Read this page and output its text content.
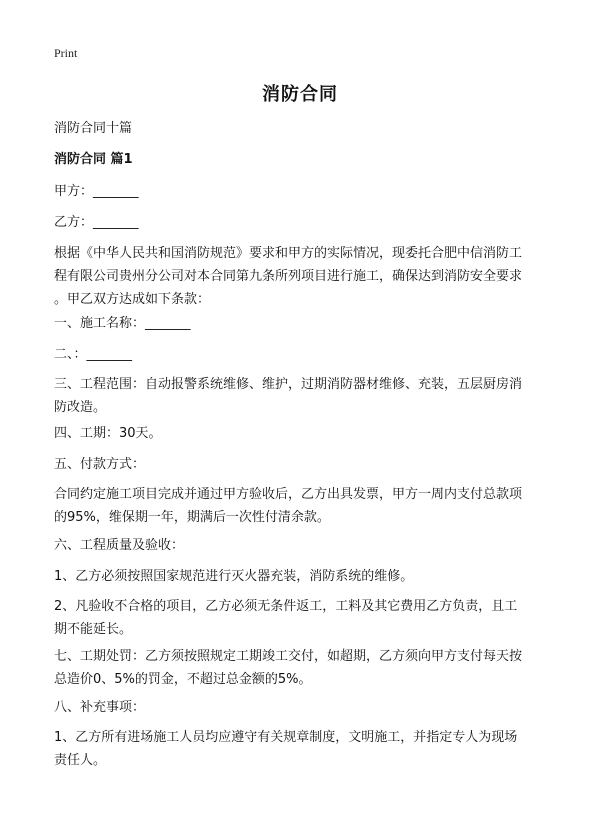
Print
消防合同
消防合同十篇
消防合同 篇1
甲方：_______
乙方：_______
根据《中华人民共和国消防规范》要求和甲方的实际情况，现委托合肥中信消防工
程有限公司贵州分公司对本合同第九条所列项目进行施工，确保达到消防安全要求
。甲乙双方达成如下条款：
一、施工名称：_______
二、：_______
三、工程范围：自动报警系统维修、维护，过期消防器材维修、充装，五层厨房消
防改造。
四、工期：30天。
五、付款方式：
合同约定施工项目完成并通过甲方验收后，乙方出具发票，甲方一周内支付总款项
的95%，维保期一年，期满后一次性付清余款。
六、工程质量及验收：
1、乙方必须按照国家规范进行灭火器充装，消防系统的维修。
2、凡验收不合格的项目，乙方必须无条件返工，工料及其它费用乙方负责，且工
期不能延长。
七、工期处罚：乙方须按照规定工期竣工交付，如超期，乙方须向甲方支付每天按
总造价0、5%的罚金，不超过总金额的5%。
八、补充事项：
1、乙方所有进场施工人员均应遵守有关规章制度，文明施工，并指定专人为现场
责任人。
